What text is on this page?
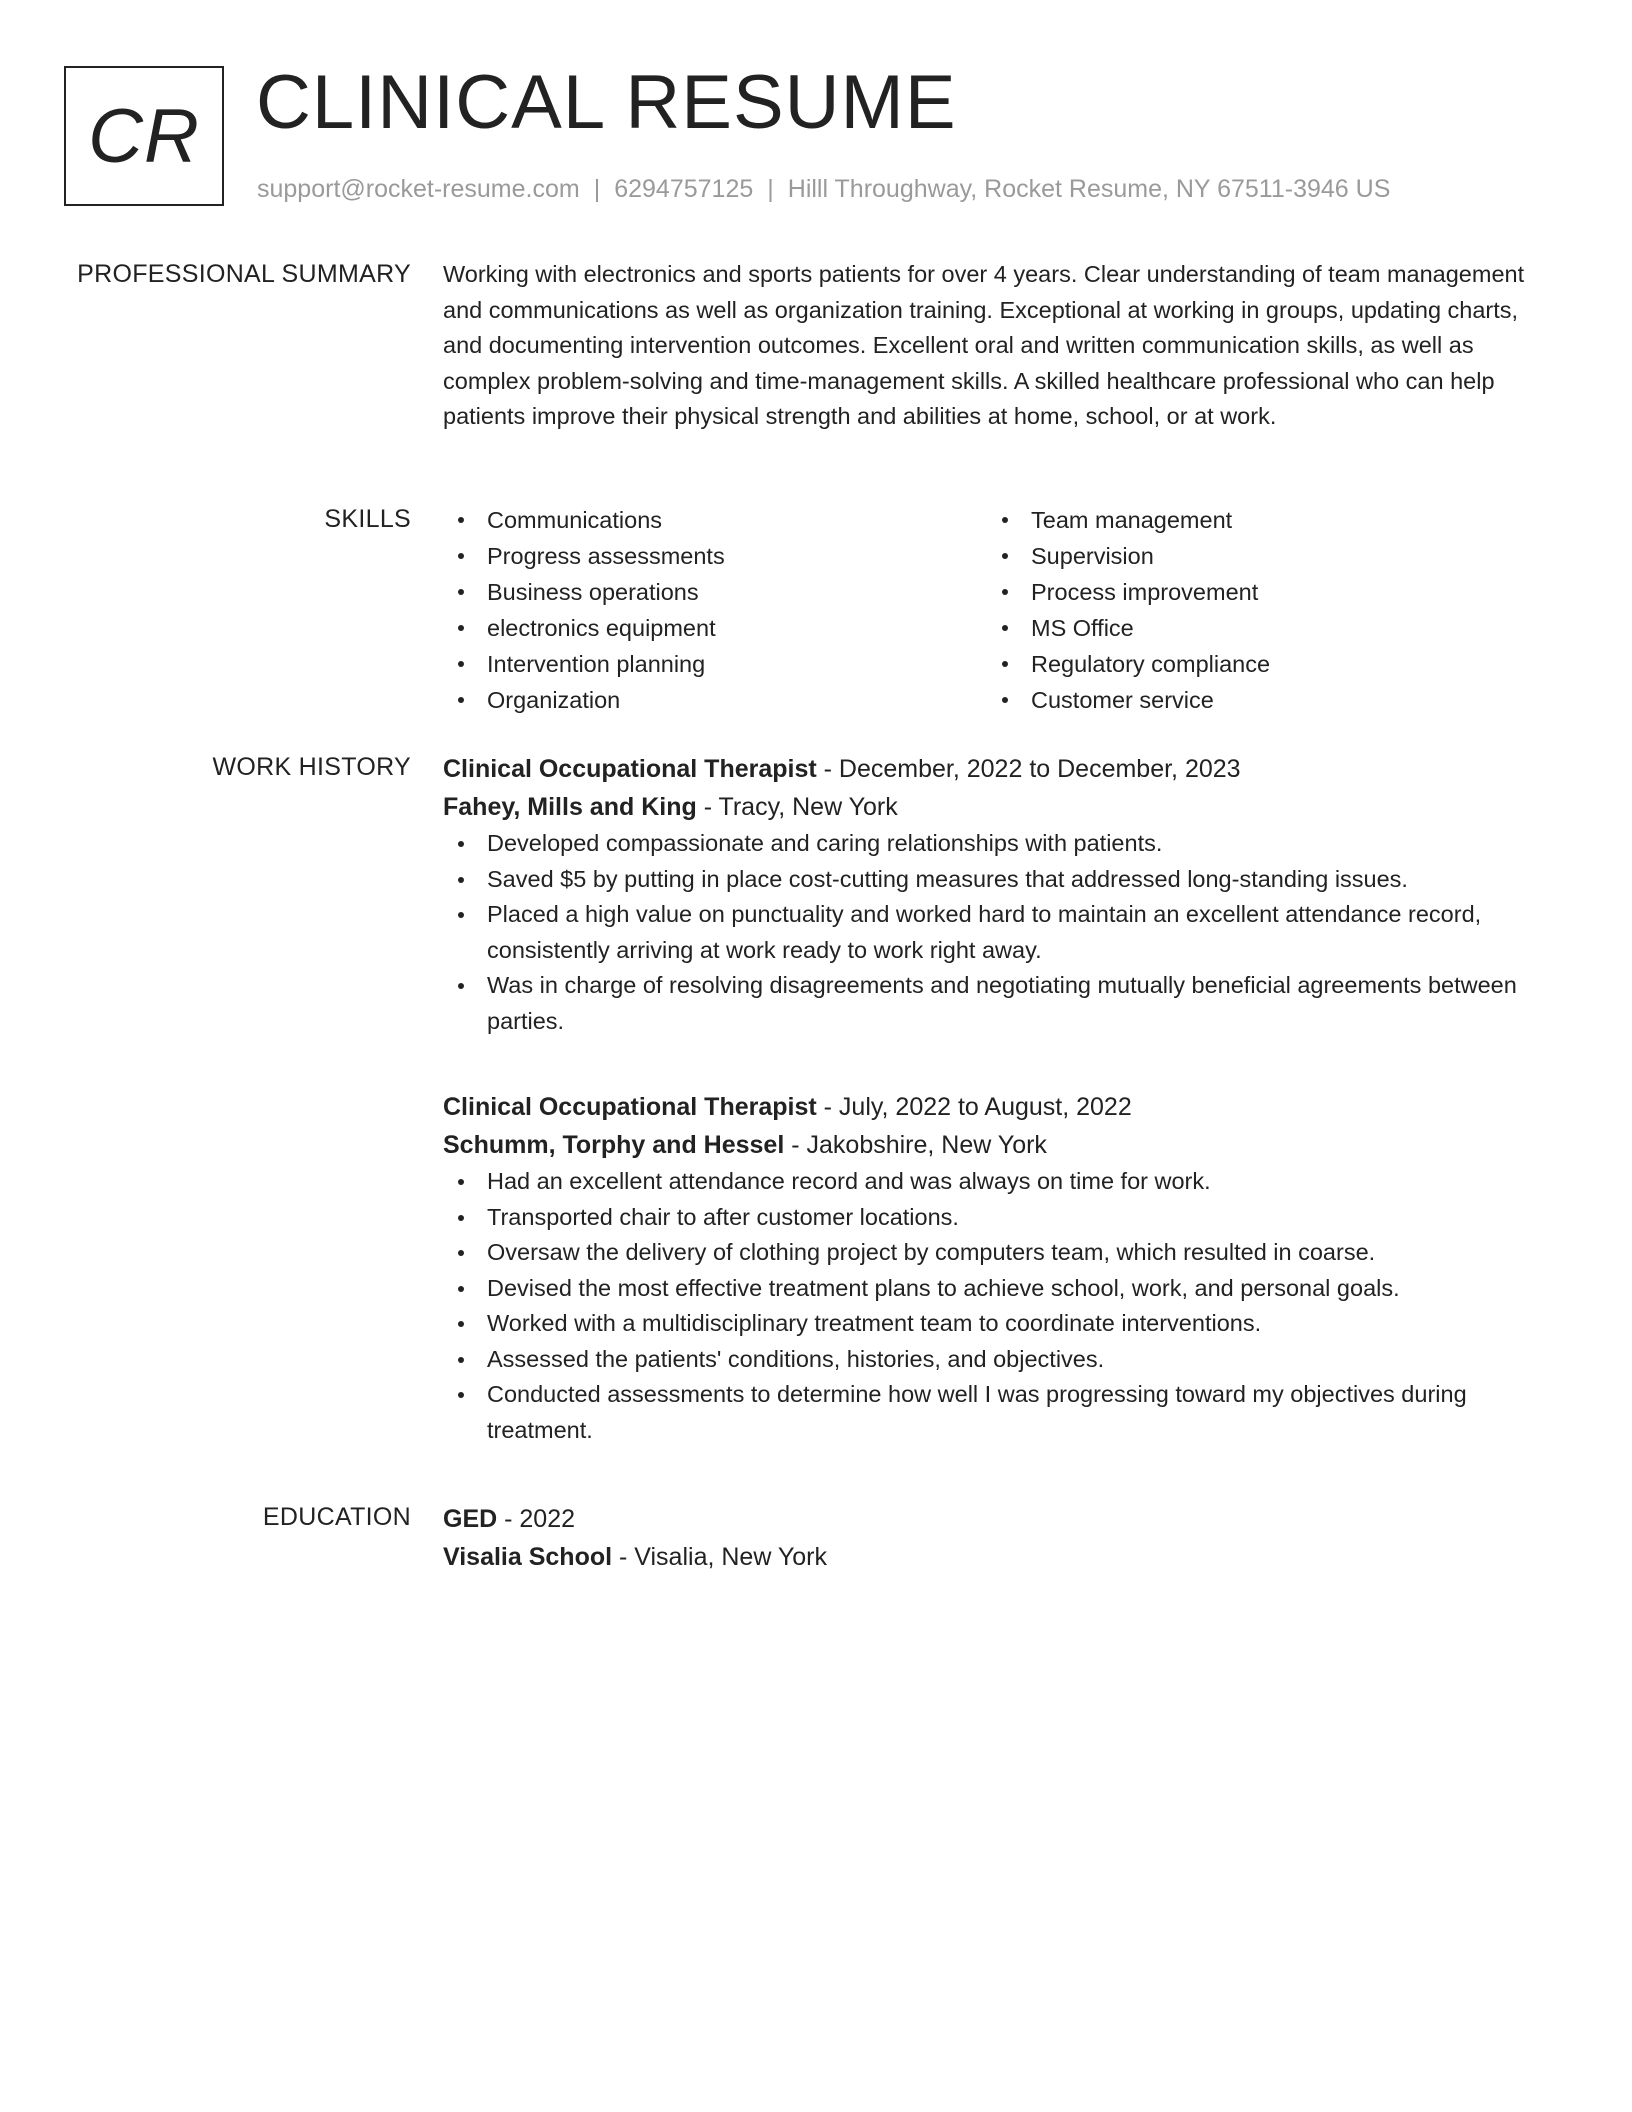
CR CLINICAL RESUME
support@rocket-resume.com | 6294757125 | Hilll Throughway, Rocket Resume, NY 67511-3946 US
PROFESSIONAL SUMMARY Working with electronics and sports patients for over 4 years. Clear understanding of team management and communications as well as organization training. Exceptional at working in groups, updating charts, and documenting intervention outcomes. Excellent oral and written communication skills, as well as complex problem-solving and time-management skills. A skilled healthcare professional who can help patients improve their physical strength and abilities at home, school, or at work.

SKILLS	Communications
Progress assessments
Business operations
electronics equipment
Intervention planning
Organization
Team management
Supervision
Process improvement
MS Office
Regulatory compliance
Customer service
WORK HISTORY Clinical Occupational Therapist - December, 2022 to December, 2023
Fahey, Mills and King - Tracy, New York
Developed compassionate and caring relationships with patients.
Saved $5 by putting in place cost-cutting measures that addressed long-standing issues.
Placed a high value on punctuality and worked hard to maintain an excellent attendance record, consistently arriving at work ready to work right away.
Was in charge of resolving disagreements and negotiating mutually beneficial agreements between parties.
Clinical Occupational Therapist - July, 2022 to August, 2022
Schumm, Torphy and Hessel - Jakobshire, New York
Had an excellent attendance record and was always on time for work.
Transported chair to after customer locations.
Oversaw the delivery of clothing project by computers team, which resulted in coarse.
Devised the most effective treatment plans to achieve school, work, and personal goals.
Worked with a multidisciplinary treatment team to coordinate interventions.
Assessed the patients' conditions, histories, and objectives.
Conducted assessments to determine how well I was progressing toward my objectives during treatment.
EDUCATION GED - 2022
Visalia School - Visalia, New York
